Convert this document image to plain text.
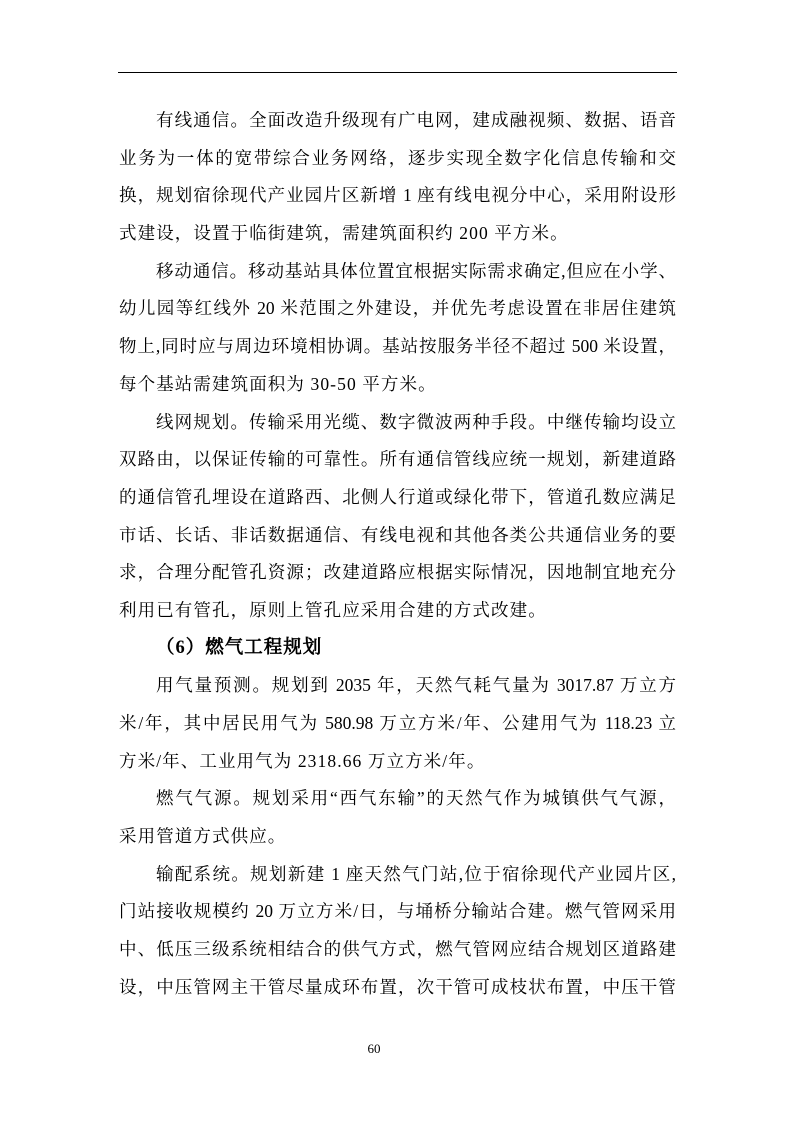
有线通信。全面改造升级现有广电网，建成融视频、数据、语音
业务为一体的宽带综合业务网络，逐步实现全数字化信息传输和交
换，规划宿徐现代产业园片区新增 1 座有线电视分中心，采用附设形
式建设，设置于临街建筑，需建筑面积约 200 平方米。
移动通信。移动基站具体位置宜根据实际需求确定,但应在小学、
幼儿园等红线外 20 米范围之外建设，并优先考虑设置在非居住建筑
物上,同时应与周边环境相协调。基站按服务半径不超过 500 米设置，
每个基站需建筑面积为 30-50 平方米。
线网规划。传输采用光缆、数字微波两种手段。中继传输均设立
双路由，以保证传输的可靠性。所有通信管线应统一规划，新建道路
的通信管孔埋设在道路西、北侧人行道或绿化带下，管道孔数应满足
市话、长话、非话数据通信、有线电视和其他各类公共通信业务的要
求，合理分配管孔资源；改建道路应根据实际情况，因地制宜地充分
利用已有管孔，原则上管孔应采用合建的方式改建。
（6）燃气工程规划
用气量预测。规划到 2035 年，天然气耗气量为 3017.87 万立方
米/年，其中居民用气为 580.98 万立方米/年、公建用气为 118.23 立
方米/年、工业用气为 2318.66 万立方米/年。
燃气气源。规划采用“西气东输”的天然气作为城镇供气气源，
采用管道方式供应。
输配系统。规划新建 1 座天然气门站,位于宿徐现代产业园片区,
门站接收规模约 20 万立方米/日，与埇桥分输站合建。燃气管网采用
中、低压三级系统相结合的供气方式，燃气管网应结合规划区道路建
设，中压管网主干管尽量成环布置，次干管可成枝状布置，中压干管
60
